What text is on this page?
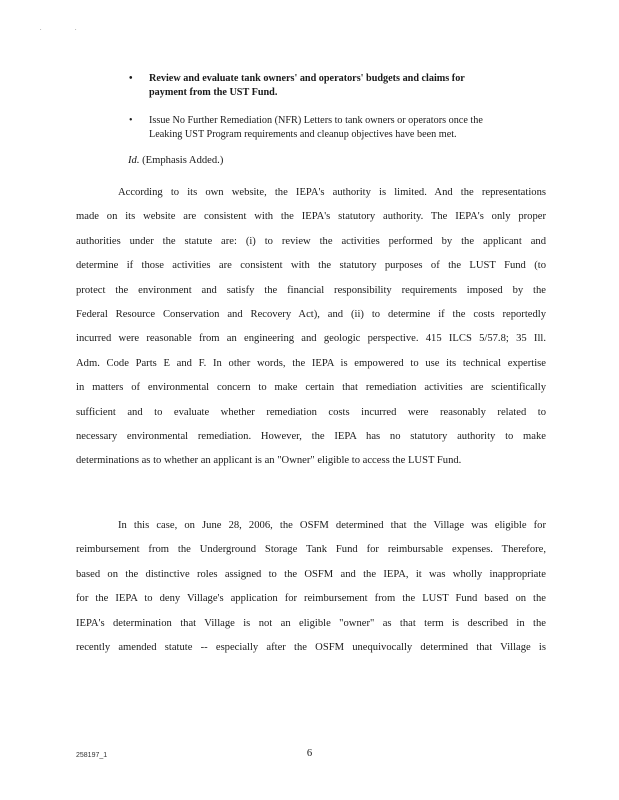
. .
• Review and evaluate tank owners' and operators' budgets and claims for
payment from the UST Fund.
• Issue No Further Remediation (NFR) Letters to tank owners or operators once the
Leaking UST Program requirements and cleanup objectives have been met.
Id. (Emphasis Added.)
According to its own website, the IEPA's authority is limited. And the representations
made on its website are consistent with the IEPA's statutory authority. The IEPA's only proper
authorities under the statute are: (i) to review the activities performed by the applicant and
determine if those activities are consistent with the statutory purposes of the LUST Fund (to
protect the environment and satisfy the financial responsibility requirements imposed by the
Federal Resource Conservation and Recovery Act), and (ii) to determine if the costs reportedly
incurred were reasonable from an engineering and geologic perspective. 415 ILCS 5/57.8; 35 Ill.
Adm. Code Parts E and F. In other words, the IEPA is empowered to use its technical expertise
in matters of environmental concern to make certain that remediation activities are scientifically
sufficient and to evaluate whether remediation costs incurred were reasonably related to
necessary environmental remediation. However, the IEPA has no statutory authority to make
determinations as to whether an applicant is an "Owner" eligible to access the LUST Fund.
In this case, on June 28, 2006, the OSFM determined that the Village was eligible for
reimbursement from the Underground Storage Tank Fund for reimbursable expenses. Therefore,
based on the distinctive roles assigned to the OSFM and the IEPA, it was wholly inappropriate
for the IEPA to deny Village's application for reimbursement from the LUST Fund based on the
IEPA's determination that Village is not an eligible "owner" as that term is described in the
recently amended statute -- especially after the OSFM unequivocally determined that Village is
258197_1	6
